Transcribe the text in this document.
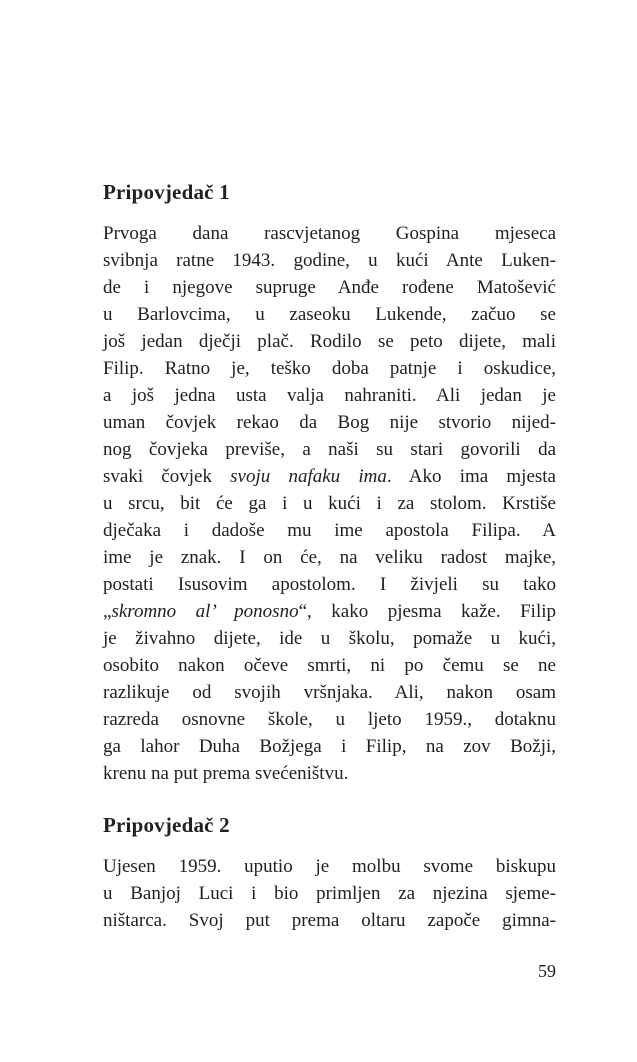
Pripovjedač 1
Prvoga dana rascvjetanog Gospina mjeseca
svibnja ratne 1943. godine, u kući Ante Luken-
de i njegove supruge Anđe rođene Matošević
u Barlovcima, u zaseoku Lukende, začuo se
još jedan dječji plač. Rodilo se peto dijete, mali
Filip. Ratno je, teško doba patnje i oskudice,
a još jedna usta valja nahraniti. Ali jedan je
uman čovjek rekao da Bog nije stvorio nijed-
nog čovjeka previše, a naši su stari govorili da
svaki čovjek svoju nafaku ima. Ako ima mjesta
u srcu, bit će ga i u kući i za stolom. Krstiše
dječaka i dadoše mu ime apostola Filipa. A
ime je znak. I on će, na veliku radost majke,
postati Isusovim apostolom. I živjeli su tako
„skromno al’ ponosno“, kako pjesma kaže. Filip
je živahno dijete, ide u školu, pomaže u kući,
osobito nakon očeve smrti, ni po čemu se ne
razlikuje od svojih vršnjaka. Ali, nakon osam
razreda osnovne škole, u ljeto 1959., dotaknu
ga lahor Duha Božjega i Filip, na zov Božji,
krenu na put prema svećeništvu.
Pripovjedač 2
Ujesen 1959. uputio je molbu svome biskupu
u Banjoj Luci i bio primljen za njezina sjeme-
ništarca. Svoj put prema oltaru započe gimna-
59
